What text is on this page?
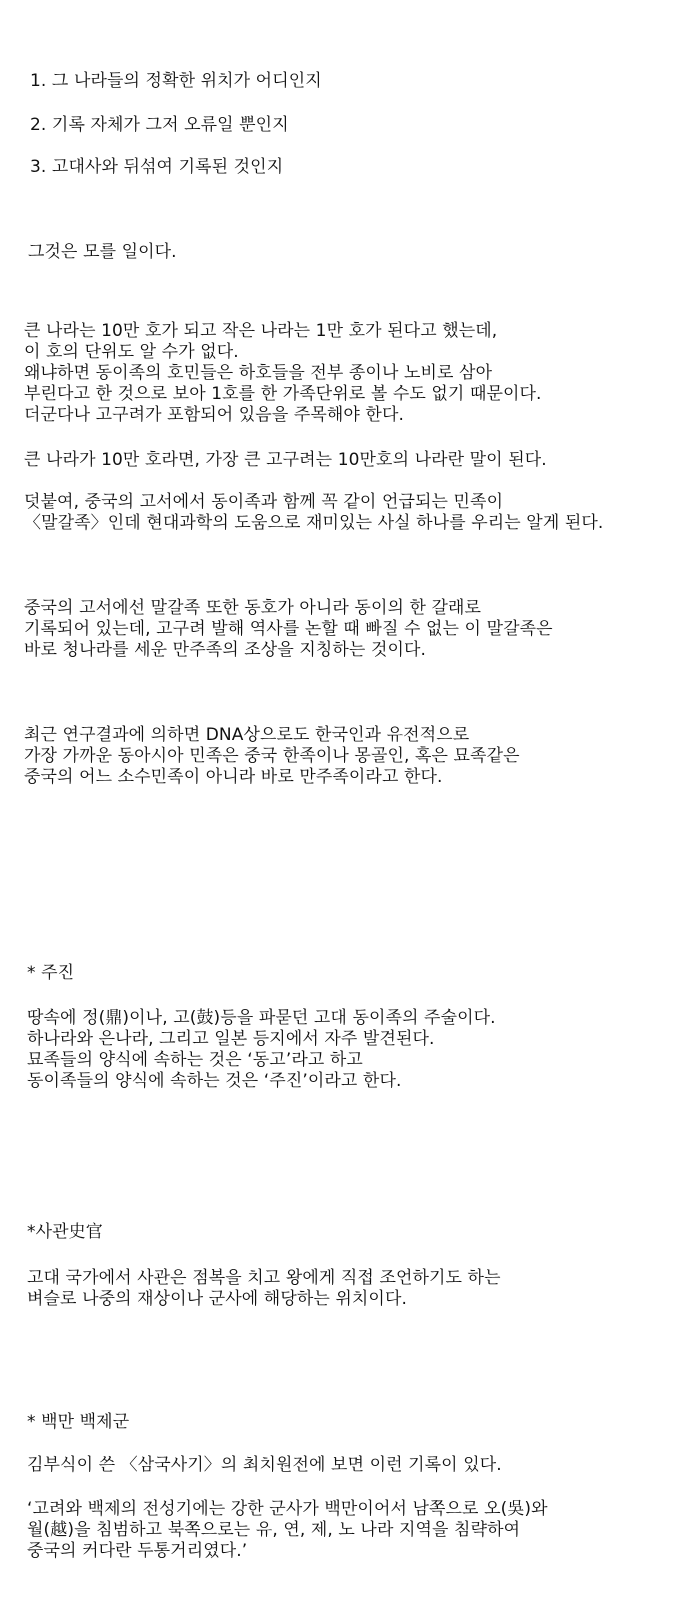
1. 그 나라들의 정확한 위치가 어디인지
2. 기록 자체가 그저 오류일 뿐인지
3. 고대사와 뒤섞여 기록된 것인지
그것은 모를 일이다.
큰 나라는 10만 호가 되고 작은 나라는 1만 호가 된다고 했는데,
이 호의 단위도 알 수가 없다.
왜냐하면 동이족의 호민들은 하호들을 전부 종이나 노비로 삼아
부린다고 한 것으로 보아 1호를 한 가족단위로 볼 수도 없기 때문이다.
더군다나 고구려가 포함되어 있음을 주목해야 한다.
큰 나라가 10만 호라면, 가장 큰 고구려는 10만호의 나라란 말이 된다.
덧붙여, 중국의 고서에서 동이족과 함께 꼭 같이 언급되는 민족이
〈말갈족〉인데 현대과학의 도움으로 재미있는 사실 하나를 우리는 알게 된다.
중국의 고서에선 말갈족 또한 동호가 아니라 동이의 한 갈래로
기록되어 있는데, 고구려 발해 역사를 논할 때 빠질 수 없는 이 말갈족은
바로 청나라를 세운 만주족의 조상을 지칭하는 것이다.
최근 연구결과에 의하면 DNA상으로도 한국인과 유전적으로
가장 가까운 동아시아 민족은 중국 한족이나 몽골인, 혹은 묘족같은
중국의 어느 소수민족이 아니라 바로 만주족이라고 한다.
* 주진
땅속에 정(鼎)이나, 고(鼓)등을 파묻던 고대 동이족의 주술이다.
하나라와 은나라, 그리고 일본 등지에서 자주 발견된다.
묘족들의 양식에 속하는 것은 ‘동고’라고 하고
동이족들의 양식에 속하는 것은 ‘주진’이라고 한다.
*사관史官
고대 국가에서 사관은 점복을 치고 왕에게 직접 조언하기도 하는
벼슬로 나중의 재상이나 군사에 해당하는 위치이다.
* 백만 백제군
김부식이 쓴 〈삼국사기〉의 최치원전에 보면 이런 기록이 있다.
‘고려와 백제의 전성기에는 강한 군사가 백만이어서 남쪽으로 오(吳)와
월(越)을 침범하고 북쪽으로는 유, 연, 제, 노 나라 지역을 침략하여
중국의 커다란 두통거리였다.’
